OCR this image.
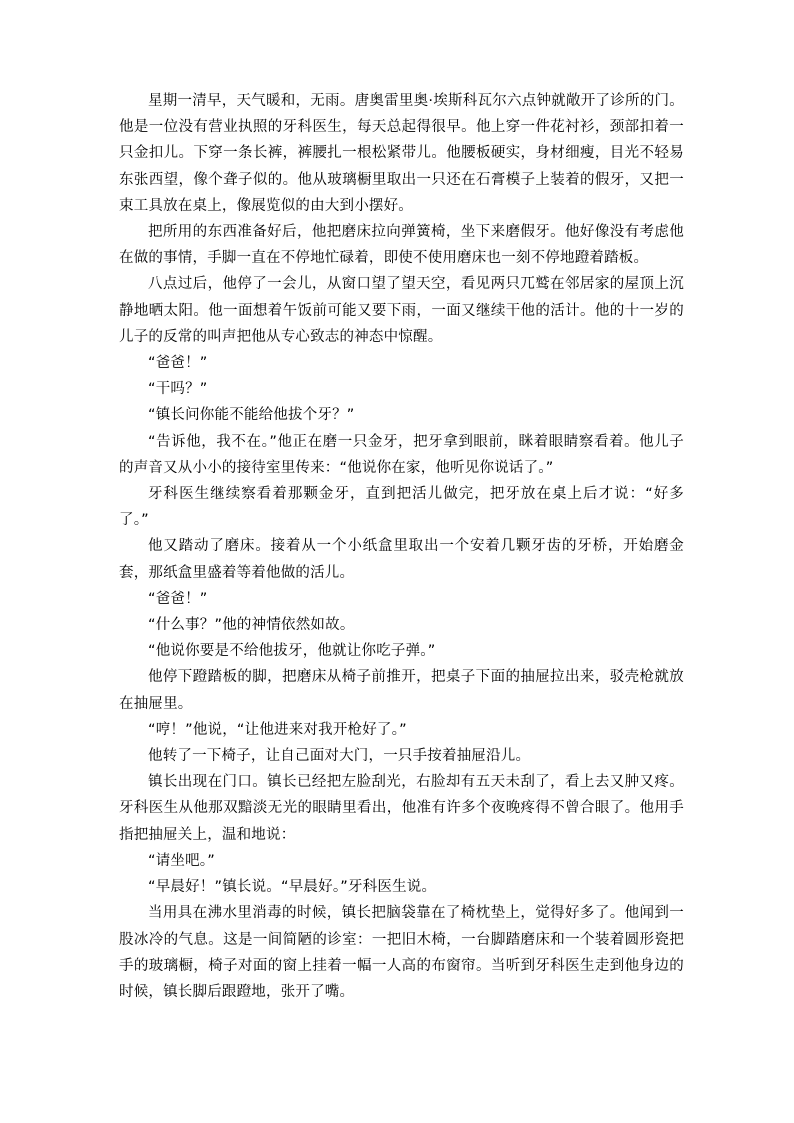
星期一清早，天气暖和，无雨。唐奥雷里奥·埃斯科瓦尔六点钟就敞开了诊所的门。他是一位没有营业执照的牙科医生，每天总起得很早。他上穿一件花衬衫，颈部扣着一只金扣儿。下穿一条长裤，裤腰扎一根松紧带儿。他腰板硬实，身材细瘦，目光不轻易东张西望，像个聋子似的。他从玻璃橱里取出一只还在石膏模子上装着的假牙，又把一束工具放在桌上，像展览似的由大到小摆好。

把所用的东西准备好后，他把磨床拉向弹簧椅，坐下来磨假牙。他好像没有考虑他在做的事情，手脚一直在不停地忙碌着，即使不使用磨床也一刻不停地蹬着踏板。

八点过后，他停了一会儿，从窗口望了望天空，看见两只兀鹫在邻居家的屋顶上沉静地晒太阳。他一面想着午饭前可能又要下雨，一面又继续干他的活计。他的十一岁的儿子的反常的叫声把他从专心致志的神态中惊醒。

“爸爸！”

“干吗？”

“镇长问你能不能给他拔个牙？”

“告诉他，我不在。”他正在磨一只金牙，把牙拿到眼前，眯着眼睛察看着。他儿子的声音又从小小的接待室里传来：“他说你在家，他听见你说话了。”

牙科医生继续察看着那颗金牙，直到把活儿做完，把牙放在桌上后才说：“好多了。”

他又踏动了磨床。接着从一个小纸盒里取出一个安着几颗牙齿的牙桥，开始磨金套，那纸盒里盛着等着他做的活儿。

“爸爸！”

“什么事？”他的神情依然如故。

“他说你要是不给他拔牙，他就让你吃子弹。”

他停下蹬踏板的脚，把磨床从椅子前推开，把桌子下面的抽屉拉出来，驳壳枪就放在抽屉里。

“哼！”他说，“让他进来对我开枪好了。”

他转了一下椅子，让自己面对大门，一只手按着抽屉沿儿。

镇长出现在门口。镇长已经把左脸刮光，右脸却有五天未刮了，看上去又肿又疼。牙科医生从他那双黯淡无光的眼睛里看出，他准有许多个夜晚疼得不曾合眼了。他用手指把抽屉关上，温和地说：

“请坐吧。”

“早晨好！”镇长说。“早晨好。”牙科医生说。

当用具在沸水里消毒的时候，镇长把脑袋靠在了椅枕垫上，觉得好多了。他闻到一股冰冷的气息。这是一间简陋的诊室：一把旧木椅，一台脚踏磨床和一个装着圆形瓷把手的玻璃橱，椅子对面的窗上挂着一幅一人高的布窗帘。当听到牙科医生走到他身边的时候，镇长脚后跟蹬地，张开了嘴。
